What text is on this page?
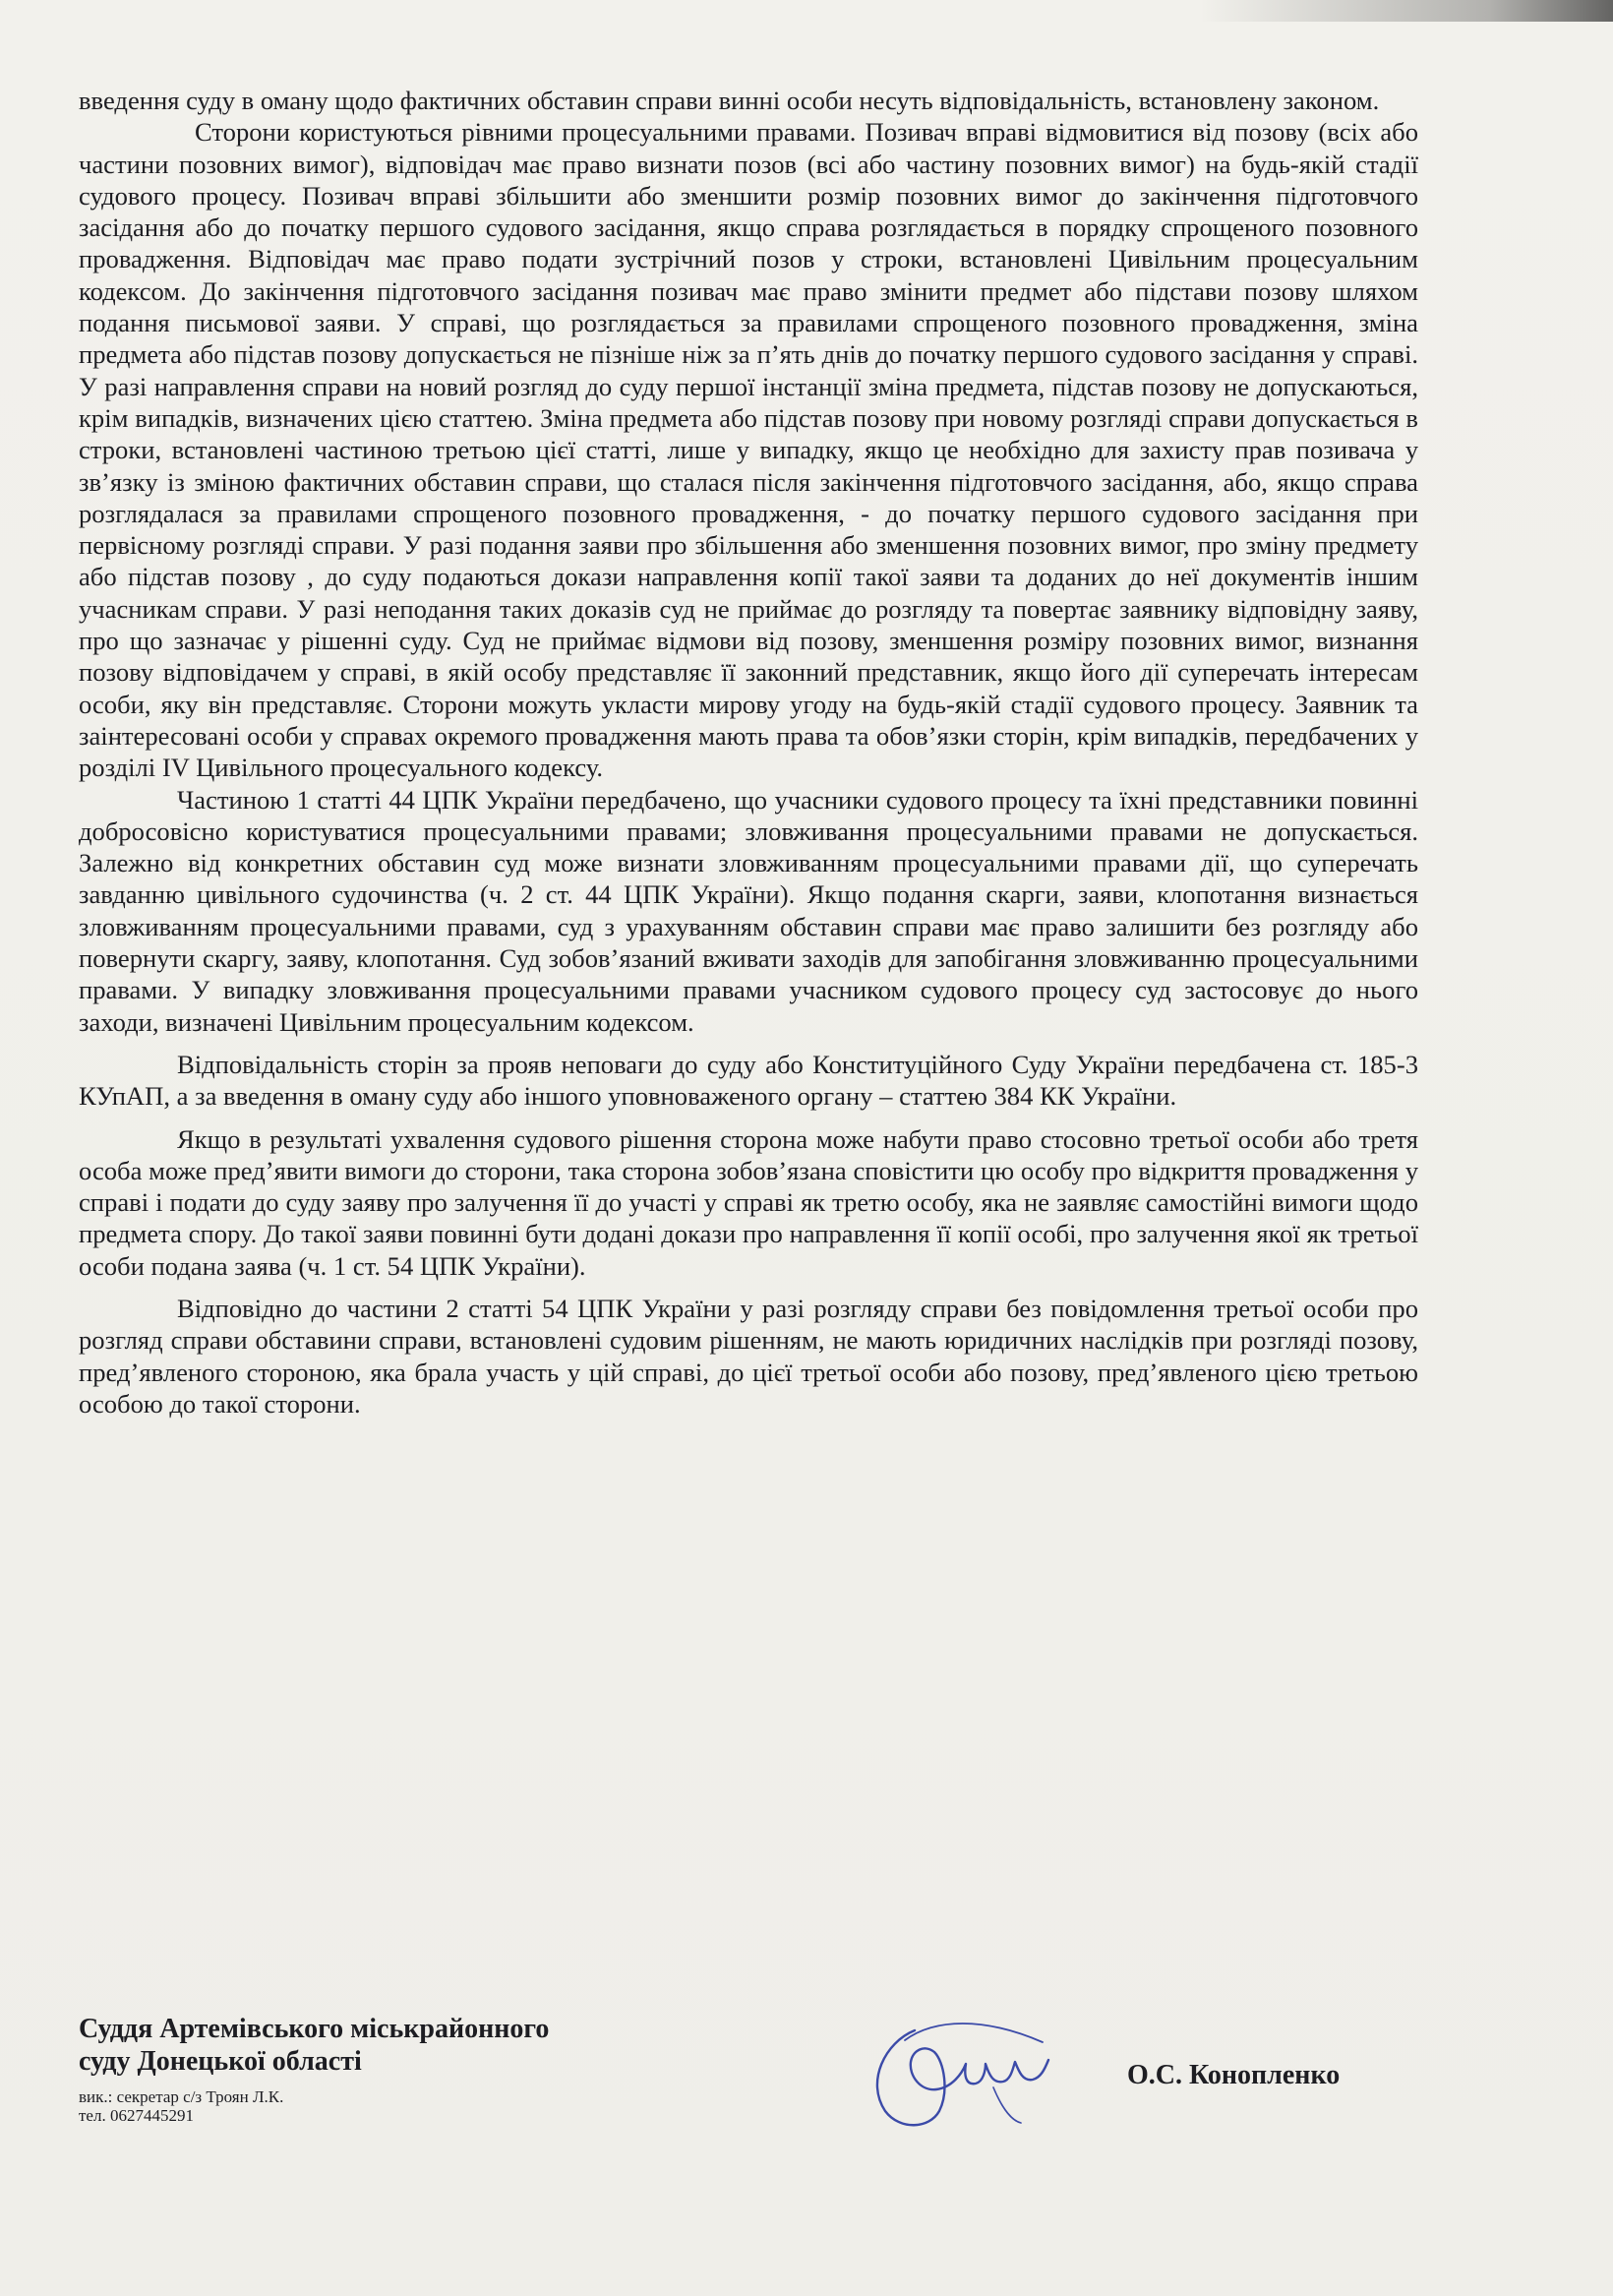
введення суду в оману щодо фактичних обставин справи винні особи несуть відповідальність, встановлену законом.

Сторони користуються рівними процесуальними правами. Позивач вправі відмовитися від позову (всіх або частини позовних вимог), відповідач має право визнати позов (всі або частину позовних вимог) на будь-якій стадії судового процесу. Позивач вправі збільшити або зменшити розмір позовних вимог до закінчення підготовчого засідання або до початку першого судового засідання, якщо справа розглядається в порядку спрощеного позовного провадження. Відповідач має право подати зустрічний позов у строки, встановлені Цивільним процесуальним кодексом. До закінчення підготовчого засідання позивач має право змінити предмет або підстави позову шляхом подання письмової заяви. У справі, що розглядається за правилами спрощеного позовного провадження, зміна предмета або підстав позову допускається не пізніше ніж за п’ять днів до початку першого судового засідання у справі. У разі направлення справи на новий розгляд до суду першої інстанції зміна предмета, підстав позову не допускаються, крім випадків, визначених цією статтею. Зміна предмета або підстав позову при новому розгляді справи допускається в строки, встановлені частиною третьою цієї статті, лише у випадку, якщо це необхідно для захисту прав позивача у зв’язку із зміною фактичних обставин справи, що сталася після закінчення підготовчого засідання, або, якщо справа розглядалася за правилами спрощеного позовного провадження, - до початку першого судового засідання при первісному розгляді справи. У разі подання заяви про збільшення або зменшення позовних вимог, про зміну предмету або підстав позову , до суду подаються докази направлення копії такої заяви та доданих до неї документів іншим учасникам справи. У разі неподання таких доказів суд не приймає до розгляду та повертає заявнику відповідну заяву, про що зазначає у рішенні суду. Суд не приймає відмови від позову, зменшення розміру позовних вимог, визнання позову відповідачем у справі, в якій особу представляє її законний представник, якщо його дії суперечать інтересам особи, яку він представляє. Сторони можуть укласти мирову угоду на будь-якій стадії судового процесу. Заявник та заінтересовані особи у справах окремого провадження мають права та обов’язки сторін, крім випадків, передбачених у розділі IV Цивільного процесуального кодексу.

Частиною 1 статті 44 ЦПК України передбачено, що учасники судового процесу та їхні представники повинні добросовісно користуватися процесуальними правами; зловживання процесуальними правами не допускається. Залежно від конкретних обставин суд може визнати зловживанням процесуальними правами дії, що суперечать завданню цивільного судочинства (ч. 2 ст. 44 ЦПК України). Якщо подання скарги, заяви, клопотання визнається зловживанням процесуальними правами, суд з урахуванням обставин справи має право залишити без розгляду або повернути скаргу, заяву, клопотання. Суд зобов’язаний вживати заходів для запобігання зловживанню процесуальними правами. У випадку зловживання процесуальними правами учасником судового процесу суд застосовує до нього заходи, визначені Цивільним процесуальним кодексом.

Відповідальність сторін за прояв неповаги до суду або Конституційного Суду України передбачена ст. 185-3 КУпАП, а за введення в оману суду або іншого уповноваженого органу – статтею 384 КК України.

Якщо в результаті ухвалення судового рішення сторона може набути право стосовно третьої особи або третя особа може пред’явити вимоги до сторони, така сторона зобов’язана сповістити цю особу про відкриття провадження у справі і подати до суду заяву про залучення її до участі у справі як третю особу, яка не заявляє самостійні вимоги щодо предмета спору. До такої заяви повинні бути додані докази про направлення її копії особі, про залучення якої як третьої особи подана заява (ч. 1 ст. 54 ЦПК України).

Відповідно до частини 2 статті 54 ЦПК України у разі розгляду справи без повідомлення третьої особи про розгляд справи обставини справи, встановлені судовим рішенням, не мають юридичних наслідків при розгляді позову, пред’явленого стороною, яка брала участь у цій справі, до цієї третьої особи або позову, пред’явленого цією третьою особою до такої сторони.

Суддя Артемівського міськрайонного
суду Донецької області
вик.: секретар с/з Троян Л.К.
тел. 0627445291
О.С. Конопленко
